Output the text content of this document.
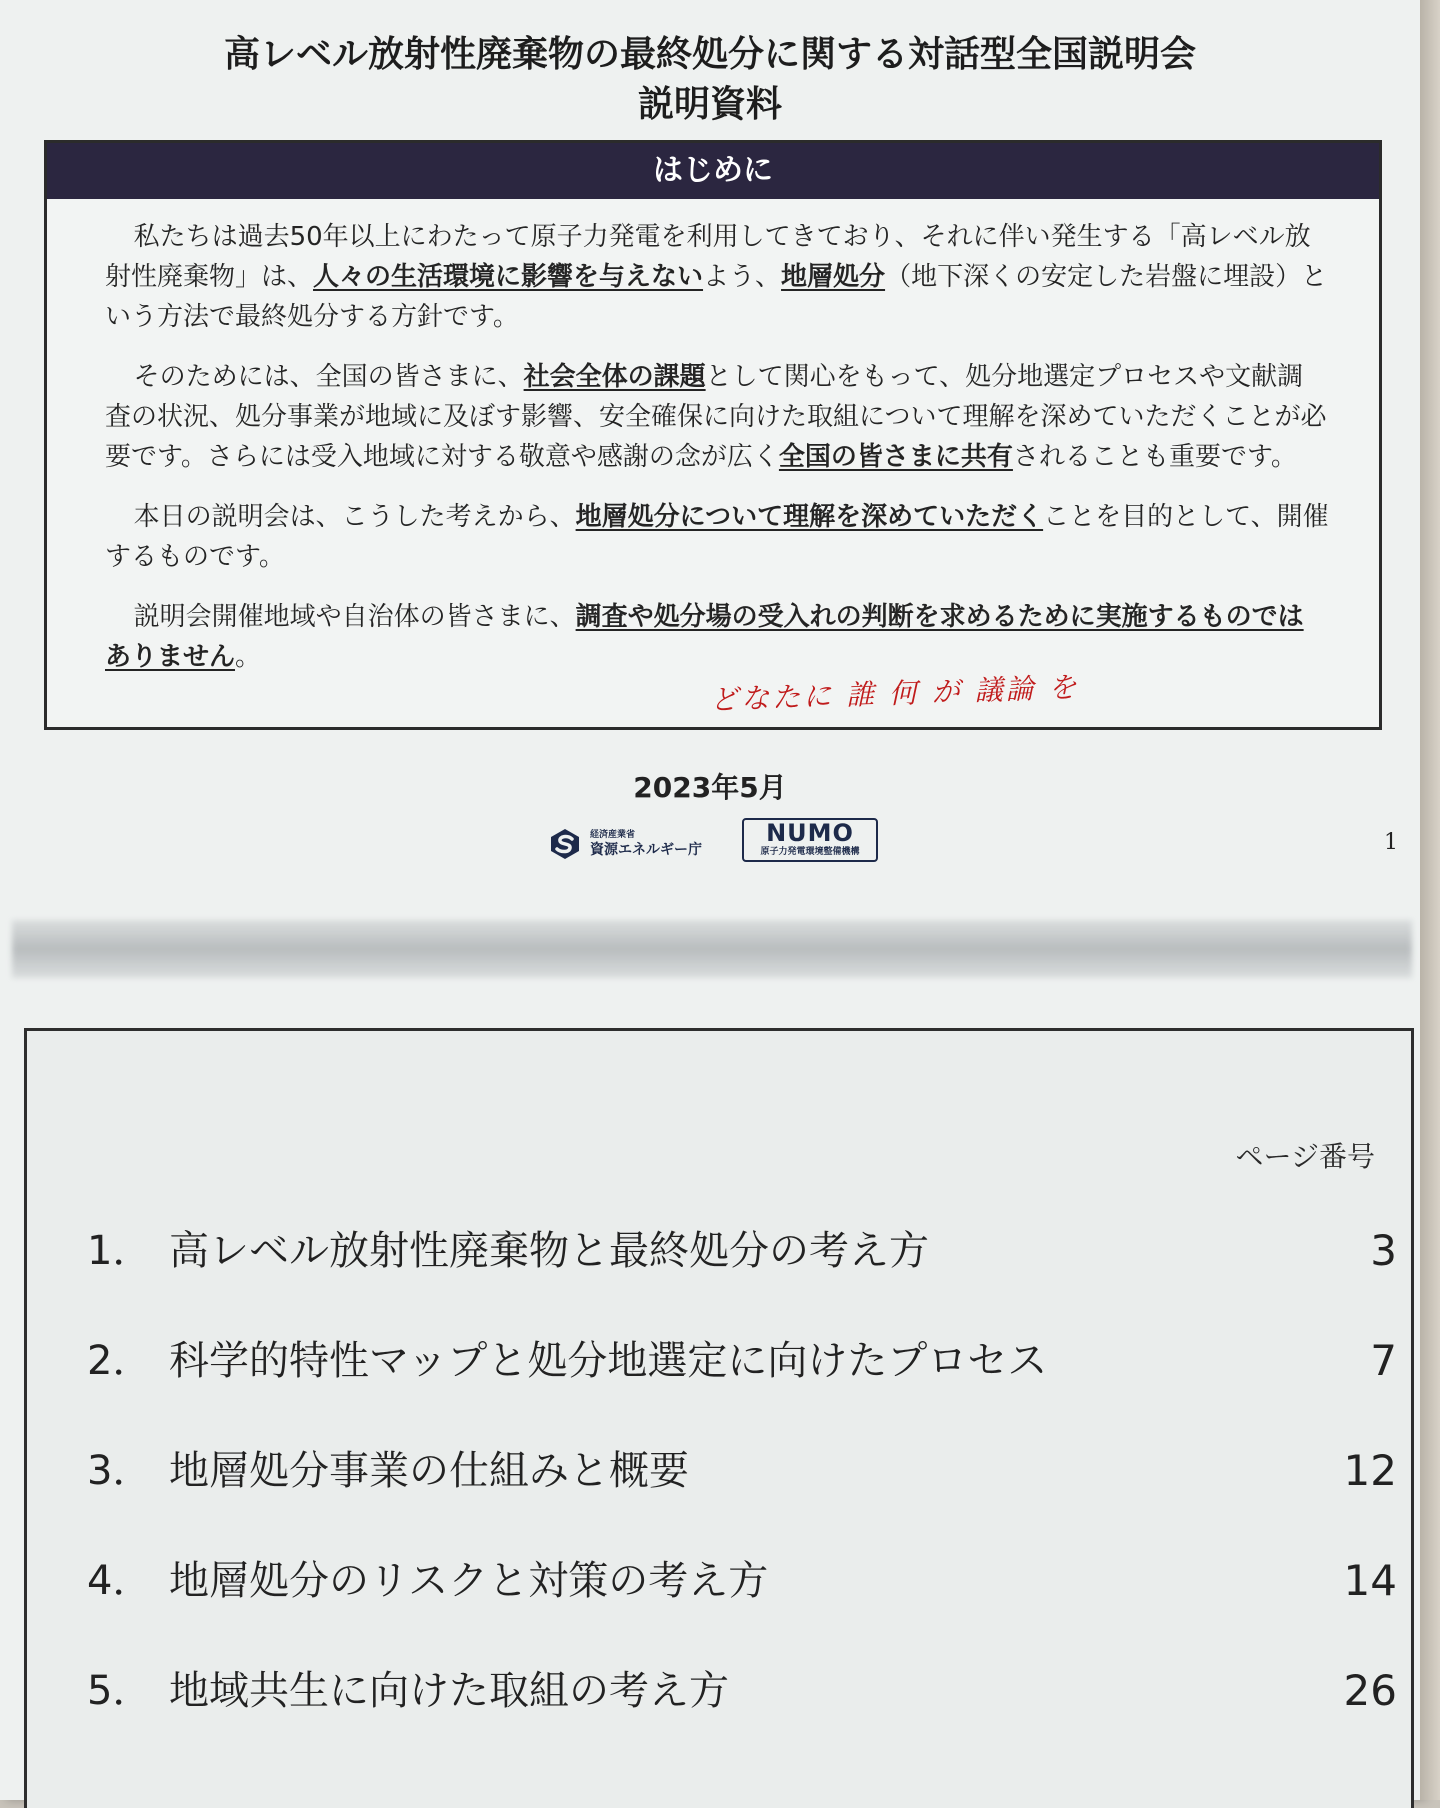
高レベル放射性廃棄物の最終処分に関する対話型全国説明会
説明資料
はじめに

私たちは過去50年以上にわたって原子力発電を利用してきており、それに伴い発生する「高レベル放射性廃棄物」は、人々の生活環境に影響を与えないよう、地層処分（地下深くの安定した岩盤に埋設）という方法で最終処分する方針です。

そのためには、全国の皆さまに、社会全体の課題として関心をもって、処分地選定プロセスや文献調査の状況、処分事業が地域に及ぼす影響、安全確保に向けた取組について理解を深めていただくことが必要です。さらには受入地域に対する敬意や感謝の念が広く全国の皆さまに共有されることも重要です。

本日の説明会は、こうした考えから、地層処分について理解を深めていただくことを目的として、開催するものです。

説明会開催地域や自治体の皆さまに、調査や処分場の受入れの判断を求めるために実施するものではありません。

どなたに 誰 何 が 議論 を
2023年5月
経済産業省
資源エネルギー庁
NUMO
原子力発電環境整備機構	1
ページ番号
1． 高レベル放射性廃棄物と最終処分の考え方	3
2． 科学的特性マップと処分地選定に向けたプロセス	7
3． 地層処分事業の仕組みと概要	12
4． 地層処分のリスクと対策の考え方	14
5． 地域共生に向けた取組の考え方	26
